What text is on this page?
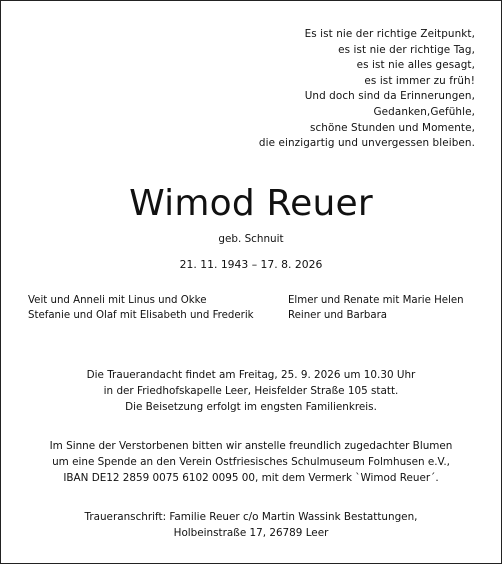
Es ist nie der richtige Zeitpunkt,
es ist nie der richtige Tag,
es ist nie alles gesagt,
es ist immer zu früh!
Und doch sind da Erinnerungen,
Gedanken,Gefühle,
schöne Stunden und Momente,
die einzigartig und unvergessen bleiben.
Wimod Reuer
geb. Schnuit
21. 11. 1943 – 17. 8. 2026
Veit und Anneli mit Linus und Okke
Stefanie und Olaf mit Elisabeth und Frederik
Elmer und Renate mit Marie Helen
Reiner und Barbara
Die Trauerandacht findet am Freitag, 25. 9. 2026 um 10.30 Uhr
in der Friedhofskapelle Leer, Heisfelder Straße 105 statt.
Die Beisetzung erfolgt im engsten Familienkreis.
Im Sinne der Verstorbenen bitten wir anstelle freundlich zugedachter Blumen
um eine Spende an den Verein Ostfriesisches Schulmuseum Folmhusen e.V.,
IBAN DE12 2859 0075 6102 0095 00, mit dem Vermerk `Wimod Reuer´.
Traueranschrift: Familie Reuer c/o Martin Wassink Bestattungen,
Holbeinstraße 17, 26789 Leer
